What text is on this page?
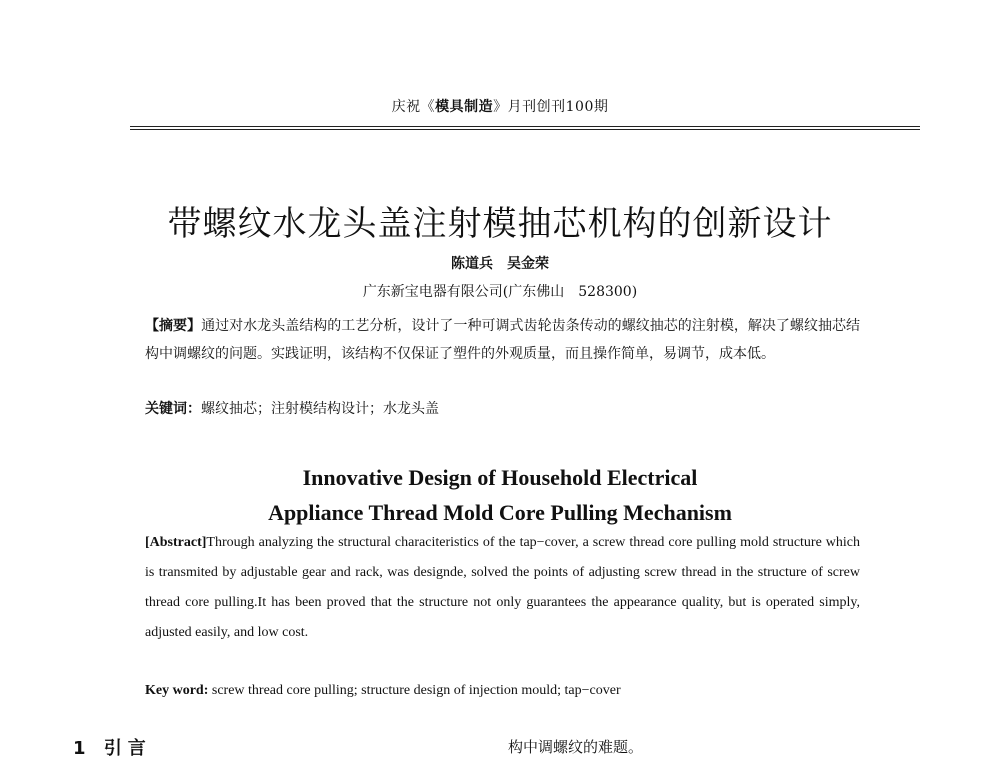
庆祝《模具制造》月刊创刊100期
带螺纹水龙头盖注射模抽芯机构的创新设计
陈道兵　吴金荣
广东新宝电器有限公司(广东佛山　528300)
【摘要】通过对水龙头盖结构的工艺分析，设计了一种可调式齿轮齿条传动的螺纹抽芯的注射模，解决了螺纹抽芯结构中调螺纹的问题。实践证明，该结构不仅保证了塑件的外观质量，而且操作简单，易调节，成本低。
关键词：螺纹抽芯；注射模结构设计；水龙头盖
Innovative Design of Household Electrical
Appliance Thread Mold Core Pulling Mechanism
[Abstract]Through analyzing the structural characiteristics of the tap−cover, a screw thread core pulling mold structure which is transmited by adjustable gear and rack, was designde, solved the points of adjusting screw thread in the structure of screw thread core pulling.It has been proved that the structure not only guarantees the appearance quality, but is operated simply, adjusted easily, and low cost.
Key word: screw thread core pulling; structure design of injection mould; tap−cover
1 引言	构中调螺纹的难题。
